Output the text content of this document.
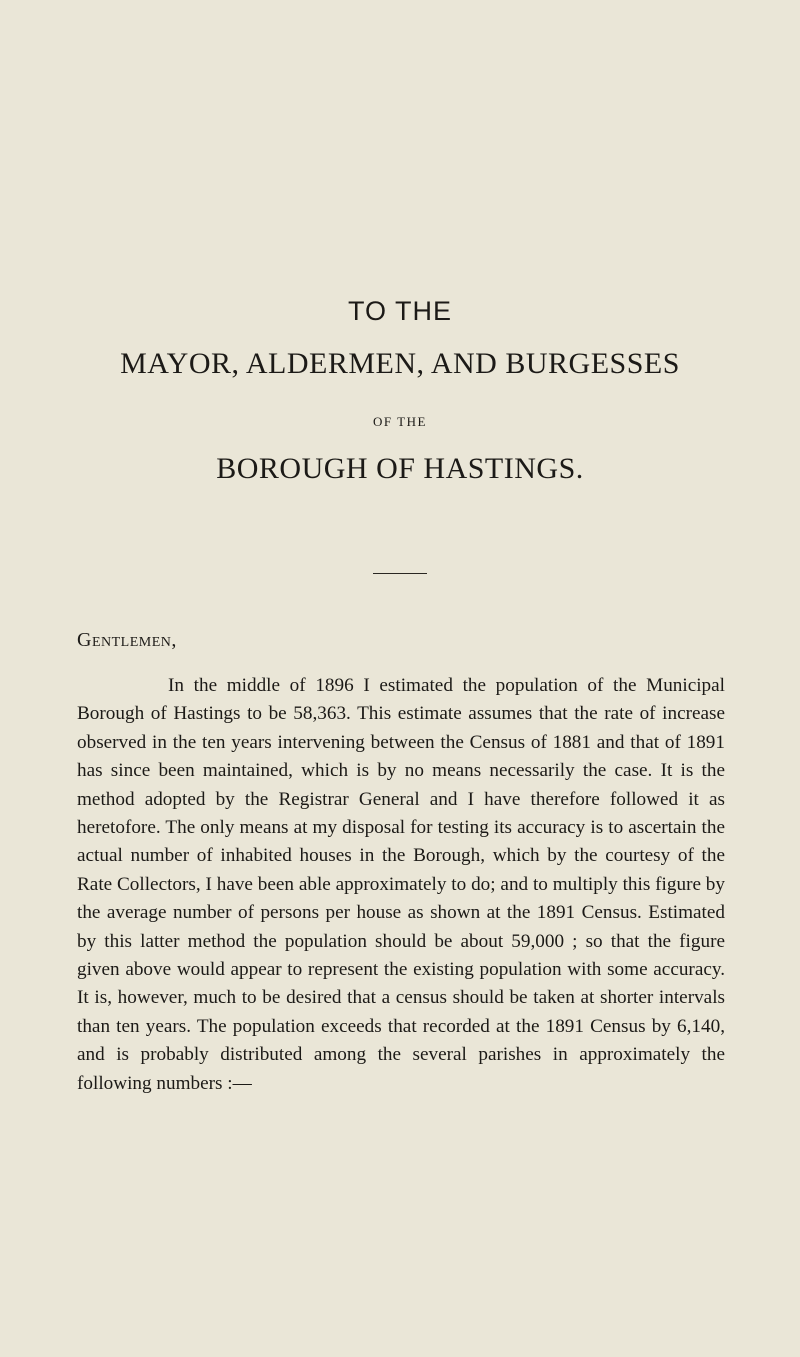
TO THE
MAYOR, ALDERMEN, AND BURGESSES
OF THE
BOROUGH OF HASTINGS.
Gentlemen,

In the middle of 1896 I estimated the population of the Municipal Borough of Hastings to be 58,363. This estimate assumes that the rate of increase observed in the ten years intervening between the Census of 1881 and that of 1891 has since been maintained, which is by no means necessarily the case. It is the method adopted by the Registrar General and I have therefore followed it as heretofore. The only means at my disposal for testing its accuracy is to ascertain the actual number of inhabited houses in the Borough, which by the courtesy of the Rate Collectors, I have been able approximately to do; and to multiply this figure by the average number of persons per house as shown at the 1891 Census. Estimated by this latter method the population should be about 59,000 ; so that the figure given above would appear to represent the existing population with some accuracy. It is, however, much to be desired that a census should be taken at shorter intervals than ten years. The population exceeds that recorded at the 1891 Census by 6,140, and is probably distributed among the several parishes in approximately the following numbers :—
